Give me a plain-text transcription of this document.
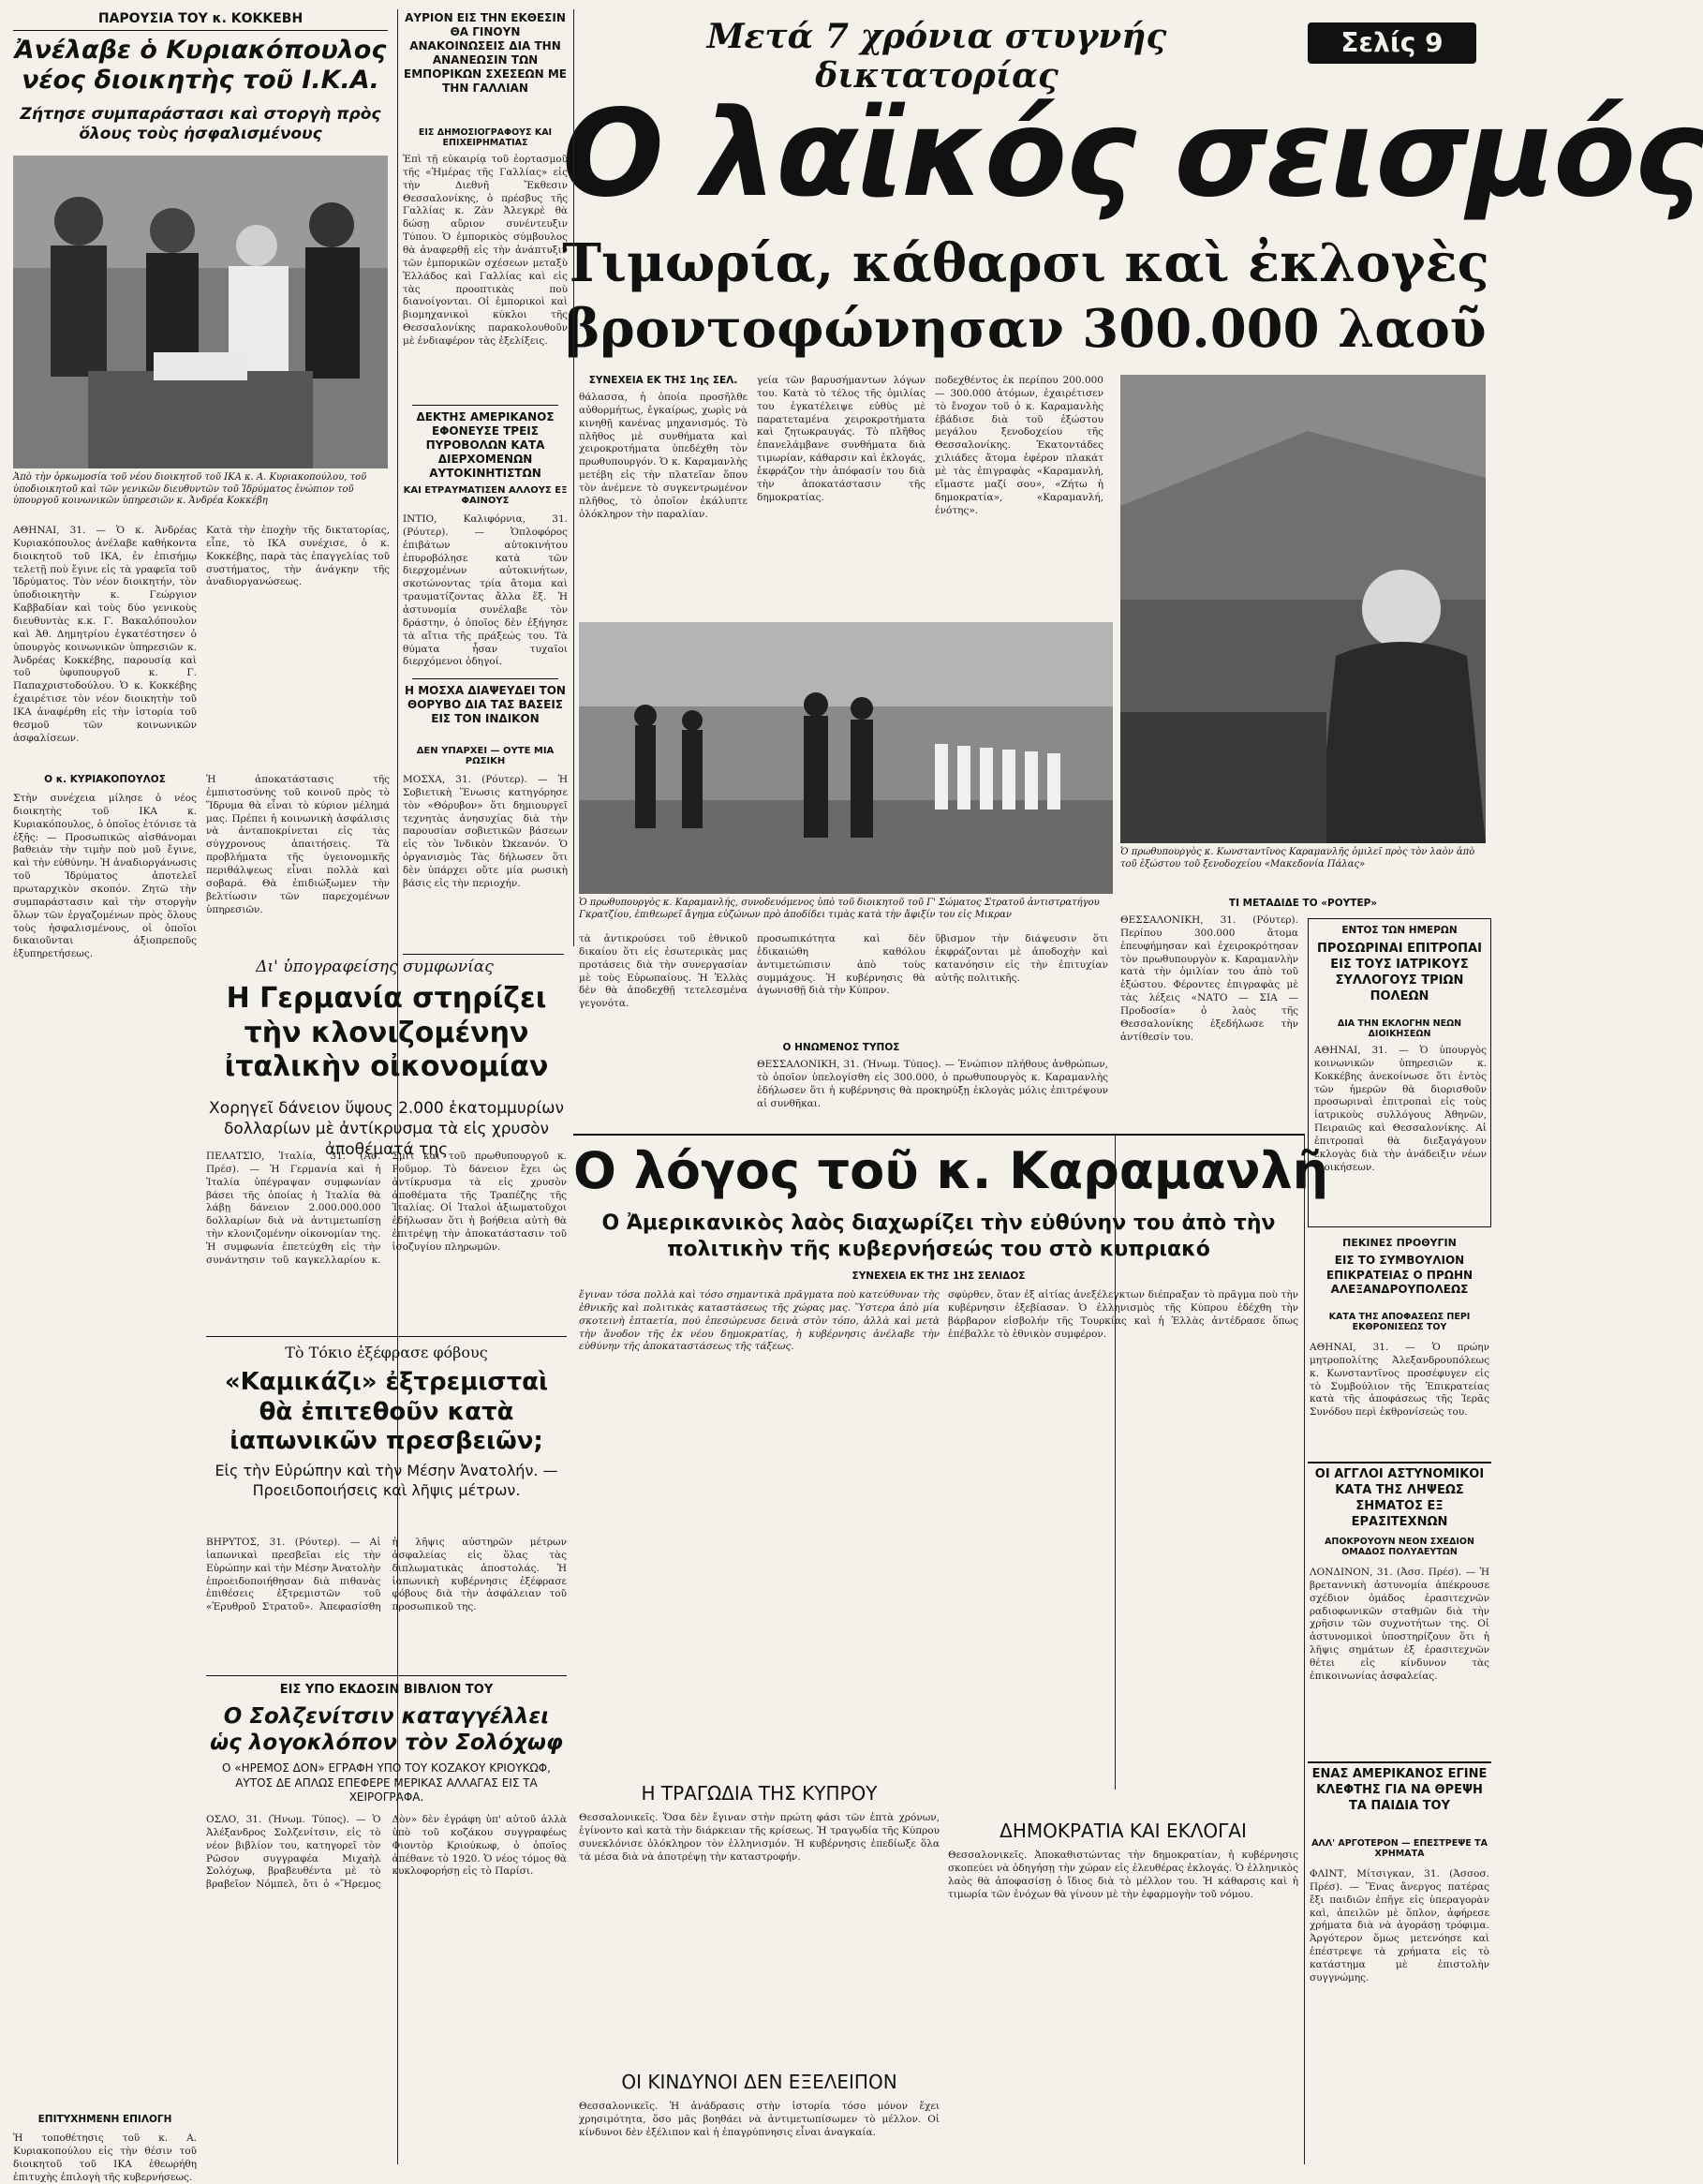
Μετά 7 χρόνια στυγνής δικτατορίας
Σελίς 9
Ο λαϊκός σεισμός
Τιμωρία, κάθαρσι καὶ ἐκλογὲς
βροντοφώνησαν 300.000 λαοῦ
ΠΑΡΟΥΣΙΑ ΤΟΥ κ. ΚΟΚΚΕΒΗ
Ἀνέλαβε ὁ Κυριακόπουλος νέος διοικητὴς τοῦ Ι.Κ.Α.
Ζήτησε συμπαράστασι καὶ στοργὴ πρὸς ὅλους τοὺς ἠσφαλισμένους
Ἀπὸ τὴν ὁρκωμοσία τοῦ νέου διοικητοῦ τοῦ ΙΚΑ κ. Α. Κυριακοπούλου, τοῦ ὑποδιοικητοῦ καὶ τῶν γενικῶν διευθυντῶν τοῦ Ἱδρύματος ἐνώπιον τοῦ ὑπουργοῦ κοινωνικῶν ὑπηρεσιῶν κ. Ἀνδρέα Κοκκέβη
ΑΘΗΝΑΙ, 31. — Ὁ κ. Ἀνδρέας Κυριακόπουλος ἀνέλαβε καθήκοντα διοικητοῦ τοῦ ΙΚΑ, ἐν ἐπισήμῳ τελετῇ ποὺ ἔγινε εἰς τὰ γραφεῖα τοῦ Ἱδρύματος. Τὸν νέον διοικητήν, τὸν ὑποδιοικητὴν κ. Γεώργιον Καββαδίαν καὶ τοὺς δύο γενικοὺς διευθυντὰς κ.κ. Γ. Βακαλόπουλον καὶ Ἀθ. Δημητρίου ἐγκατέστησεν ὁ ὑπουργὸς κοινωνικῶν ὑπηρεσιῶν κ. Ἀνδρέας Κοκκέβης, παρουσίᾳ καὶ τοῦ ὑφυπουργοῦ κ. Γ. Παπαχριστοδούλου. Ὁ κ. Κοκκέβης ἐχαιρέτισε τὸν νέον διοικητὴν τοῦ ΙΚΑ ἀναφέρθη εἰς τὴν ἱστορία τοῦ θεσμοῦ τῶν κοινωνικῶν ἀσφαλίσεων.
Κατὰ τὴν ἐποχὴν τῆς δικτατορίας, εἶπε, τὸ ΙΚΑ συνέχισε, ὁ κ. Κοκκέβης, παρὰ τὰς ἐπαγγελίας τοῦ συστήματος, τὴν ἀνάγκην τῆς ἀναδιοργανώσεως.
Ο κ. ΚΥΡΙΑΚΟΠΟΥΛΟΣ
Στὴν συνέχεια μίλησε ὁ νέος διοικητὴς τοῦ ΙΚΑ κ. Κυριακόπουλος, ὁ ὁποῖος ἐτόνισε τὰ ἑξῆς: — Προσωπικῶς αἰσθάνομαι βαθειὰν τὴν τιμὴν ποὺ μοῦ ἔγινε, καὶ τὴν εὐθύνην. Ἡ ἀναδιοργάνωσις τοῦ Ἱδρύματος ἀποτελεῖ πρωταρχικὸν σκοπόν. Ζητῶ τὴν συμπαράστασιν καὶ τὴν στοργὴν ὅλων τῶν ἐργαζομένων πρὸς ὅλους τοὺς ἠσφαλισμένους, οἱ ὁποῖοι δικαιοῦνται ἀξιοπρεποῦς ἐξυπηρετήσεως.
Ἡ ἀποκατάστασις τῆς ἐμπιστοσύνης τοῦ κοινοῦ πρὸς τὸ Ἵδρυμα θὰ εἶναι τὸ κύριον μέλημά μας. Πρέπει ἡ κοινωνικὴ ἀσφάλισις νὰ ἀνταποκρίνεται εἰς τὰς σύγχρονους ἀπαιτήσεις. Τὰ προβλήματα τῆς ὑγειονομικῆς περιθάλψεως εἶναι πολλὰ καὶ σοβαρά. Θὰ ἐπιδιώξωμεν τὴν βελτίωσιν τῶν παρεχομένων ὑπηρεσιῶν.
ΕΠΙΤΥΧΗΜΕΝΗ ΕΠΙΛΟΓΗ
Ἡ τοποθέτησις τοῦ κ. Α. Κυριακοπούλου εἰς τὴν θέσιν τοῦ διοικητοῦ τοῦ ΙΚΑ ἐθεωρήθη ἐπιτυχὴς ἐπιλογὴ τῆς κυβερνήσεως.
ΑΥΡΙΟΝ ΕΙΣ ΤΗΝ ΕΚΘΕΣΙΝ ΘΑ ΓΙΝΟΥΝ ΑΝΑΚΟΙΝΩΣΕΙΣ ΔΙΑ ΤΗΝ ΑΝΑΝΕΩΣΙΝ ΤΩΝ ΕΜΠΟΡΙΚΩΝ ΣΧΕΣΕΩΝ ΜΕ ΤΗΝ ΓΑΛΛΙΑΝ
ΕΙΣ ΔΗΜΟΣΙΟΓΡΑΦΟΥΣ ΚΑΙ ΕΠΙΧΕΙΡΗΜΑΤΙΑΣ
Ἐπὶ τῇ εὐκαιρίᾳ τοῦ ἑορτασμοῦ τῆς «Ἡμέρας τῆς Γαλλίας» εἰς τὴν Διεθνῆ Ἔκθεσιν Θεσσαλονίκης, ὁ πρέσβυς τῆς Γαλλίας κ. Ζὰν Ἀλεγκρὲ θὰ δώσῃ αὔριον συνέντευξιν Τύπου. Ὁ ἐμπορικὸς σύμβουλος θὰ ἀναφερθῇ εἰς τὴν ἀνάπτυξιν τῶν ἐμπορικῶν σχέσεων μεταξὺ Ἑλλάδος καὶ Γαλλίας καὶ εἰς τὰς προοπτικὰς ποὺ διανοίγονται. Οἱ ἐμπορικοὶ καὶ βιομηχανικοὶ κύκλοι τῆς Θεσσαλονίκης παρακολουθοῦν μὲ ἐνδιαφέρον τὰς ἐξελίξεις.
ΔΕΚΤΗΣ ΑΜΕΡΙΚΑΝΟΣ ΕΦΟΝΕΥΣΕ ΤΡΕΙΣ ΠΥΡΟΒΟΛΩΝ ΚΑΤΑ ΔΙΕΡΧΟΜΕΝΩΝ ΑΥΤΟΚΙΝΗΤΙΣΤΩΝ
ΚΑΙ ΕΤΡΑΥΜΑΤΙΣΕΝ ΑΛΛΟΥΣ ΕΞ ΦΑΙΝΟΥΣ
ΙΝΤΙΟ, Καλιφόρνια, 31. (Ρόυτερ). — Ὁπλοφόρος ἐπιβάτων αὐτοκινήτου ἐπυροβόλησε κατὰ τῶν διερχομένων αὐτοκινήτων, σκοτώνοντας τρία ἄτομα καὶ τραυματίζοντας ἄλλα ἕξ. Ἡ ἀστυνομία συνέλαβε τὸν δράστην, ὁ ὁποῖος δὲν ἐξήγησε τὰ αἴτια τῆς πράξεώς του. Τὰ θύματα ἦσαν τυχαῖοι διερχόμενοι ὁδηγοί.
Η ΜΟΣΧΑ ΔΙΑΨΕΥΔΕΙ ΤΟΝ ΘΟΡΥΒΟ ΔΙΑ ΤΑΣ ΒΑΣΕΙΣ ΕΙΣ ΤΟΝ ΙΝΔΙΚΟΝ
ΔΕΝ ΥΠΑΡΧΕΙ — ΟΥΤΕ ΜΙΑ ΡΩΣΙΚΗ
ΜΟΣΧΑ, 31. (Ρόυτερ). — Ἡ Σοβιετικὴ Ἕνωσις κατηγόρησε τὸν «Θόρυβον» ὅτι δημιουργεῖ τεχνητὰς ἀνησυχίας διὰ τὴν παρουσίαν σοβιετικῶν βάσεων εἰς τὸν Ἰνδικὸν Ὠκεανόν. Ὁ ὀργανισμὸς Τὰς δήλωσεν ὅτι δὲν ὑπάρχει οὔτε μία ρωσικὴ βάσις εἰς τὴν περιοχήν.
Δι' ὑπογραφείσης συμφωνίας
Η Γερμανία στηρίζει τὴν κλονιζομένην ἰταλικὴν οἰκονομίαν
Χορηγεῖ δάνειον ὕψους 2.000 ἑκατομμυρίων δολλαρίων μὲ ἀντίκρυσμα τὰ εἰς χρυσὸν ἀποθέματά της
ΠΕΛΑΤΣΙΟ, Ἰταλία, 31. (Ἀσ. Πρέσ). — Ἡ Γερμανία καὶ ἡ Ἰταλία ὑπέγραψαν συμφωνίαν βάσει τῆς ὁποίας ἡ Ἰταλία θὰ λάβῃ δάνειον 2.000.000.000 δολλαρίων διὰ νὰ ἀντιμετωπίσῃ τὴν κλονιζομένην οἰκονομίαν της. Ἡ συμφωνία ἐπετεύχθη εἰς τὴν συνάντησιν τοῦ καγκελλαρίου κ. Σμὶτ καὶ τοῦ πρωθυπουργοῦ κ. Ροῦμορ. Τὸ δάνειον ἔχει ὡς ἀντίκρυσμα τὰ εἰς χρυσὸν ἀποθέματα τῆς Τραπέζης τῆς Ἰταλίας. Οἱ Ἰταλοὶ ἀξιωματοῦχοι ἐδήλωσαν ὅτι ἡ βοήθεια αὐτὴ θὰ ἐπιτρέψῃ τὴν ἀποκατάστασιν τοῦ ἰσοζυγίου πληρωμῶν.
Τὸ Τόκιο ἐξέφρασε φόβους
«Καμικάζι» ἐξτρεμισταὶ θὰ ἐπιτεθοῦν κατὰ ἰαπωνικῶν πρεσβειῶν;
Εἰς τὴν Εὐρώπην καὶ τὴν Μέσην Ἀνατολήν. — Προειδοποιήσεις καὶ λῆψις μέτρων.
ΒΗΡΥΤΟΣ, 31. (Ρόυτερ). — Αἱ ἰαπωνικαὶ πρεσβεῖαι εἰς τὴν Εὐρώπην καὶ τὴν Μέσην Ἀνατολὴν ἐπροειδοποιήθησαν διὰ πιθανὰς ἐπιθέσεις ἐξτρεμιστῶν τοῦ «Ἐρυθροῦ Στρατοῦ». Ἀπεφασίσθη ἡ λῆψις αὐστηρῶν μέτρων ἀσφαλείας εἰς ὅλας τὰς διπλωματικὰς ἀποστολάς. Ἡ ἰαπωνικὴ κυβέρνησις ἐξέφρασε φόβους διὰ τὴν ἀσφάλειαν τοῦ προσωπικοῦ της.
ΕΙΣ ΥΠΟ ΕΚΔΟΣΙΝ ΒΙΒΛΙΟΝ ΤΟΥ
Ο Σολζενίτσιν καταγγέλλει ὡς λογοκλόπον τὸν Σολόχωφ
Ο «ΗΡΕΜΟΣ ΔΟΝ» ΕΓΡΑΦΗ ΥΠΟ ΤΟΥ ΚΟΖΑΚΟΥ ΚΡΙΟΥΚΩΦ, ΑΥΤΟΣ ΔΕ ΑΠΛΩΣ ΕΠΕΦΕΡΕ ΜΕΡΙΚΑΣ ΑΛΛΑΓΑΣ ΕΙΣ ΤΑ ΧΕΙΡΟΓΡΑΦΑ.
ΟΣΛΟ, 31. (Ἡνωμ. Τύπος). — Ὁ Ἀλέξανδρος Σολζενίτσιν, εἰς τὸ νέον βιβλίον του, κατηγορεῖ τὸν Ρῶσον συγγραφέα Μιχαὴλ Σολόχωφ, βραβευθέντα μὲ τὸ βραβεῖον Νόμπελ, ὅτι ὁ «Ἥρεμος Δὸν» δὲν ἐγράφη ὑπ' αὐτοῦ ἀλλὰ ὑπὸ τοῦ κοζάκου συγγραφέως Φιοντὸρ Κριούκωφ, ὁ ὁποῖος ἀπέθανε τὸ 1920. Ὁ νέος τόμος θὰ κυκλοφορήσῃ εἰς τὸ Παρίσι.
ΣΥΝΕΧΕΙΑ ΕΚ ΤΗΣ 1ης ΣΕΛ.
θάλασσα, ἡ ὁποία προσῆλθε αὐθορμήτως, ἐγκαίρως, χωρὶς νὰ κινηθῇ κανένας μηχανισμός. Τὸ πλῆθος μὲ συνθήματα καὶ χειροκροτήματα ὑπεδέχθη τὸν πρωθυπουργόν. Ὁ κ. Καραμανλὴς μετέβη εἰς τὴν πλατεῖαν ὅπου τὸν ἀνέμενε τὸ συγκεντρωμένον πλῆθος, τὸ ὁποῖον ἐκάλυπτε ὁλόκληρον τὴν παραλίαν.
γεία τῶν βαρυσήμαντων λόγων του. Κατὰ τὸ τέλος τῆς ὁμιλίας του ἐγκατέλειψε εὐθὺς μὲ παρατεταμένα χειροκροτήματα καὶ ζητωκραυγάς. Τὸ πλῆθος ἐπανελάμβανε συνθήματα διὰ τιμωρίαν, κάθαρσιν καὶ ἐκλογάς, ἐκφράζον τὴν ἀπόφασίν του διὰ τὴν ἀποκατάστασιν τῆς δημοκρατίας.
ποδεχθέντος ἐκ περίπου 200.000 — 300.000 ἀτόμων, ἐχαιρέτισεν τὸ ἔνοχον τοῦ ὁ κ. Καραμανλὴς ἐβάδισε διὰ τοῦ ἐξώστου μεγάλου ξενοδοχείου τῆς Θεσσαλονίκης. Ἐκατοντάδες χιλιάδες ἄτομα ἐφέρον πλακάτ μὲ τὰς ἐπιγραφὰς «Καραμανλή, εἴμαστε μαζί σου», «Ζήτω ἡ δημοκρατία», «Καραμανλή, ἐνότης».
Ὁ πρωθυπουργὸς κ. Καραμανλής, συνοδευόμενος ὑπὸ τοῦ διοικητοῦ τοῦ Γ' Σώματος Στρατοῦ ἀντιστρατήγου Γκρατζίου, ἐπιθεωρεῖ ἄγημα εὐζώνων πρὸ ἀποδίδει τιμὰς κατὰ τὴν ἄφιξίν του εἰς Μικραν
Ὁ πρωθυπουργὸς κ. Κωνσταντῖνος Καραμανλῆς ὁμιλεῖ πρὸς τὸν λαὸν ἀπὸ τοῦ ἐξώστου τοῦ ξενοδοχείου «Μακεδονία Πάλας»
τὰ ἀντικρούσει τοῦ ἐθνικοῦ δικαίου ὅτι εἰς ἐσωτερικὰς μας προτάσεις διὰ τὴν συνεργασίαν μὲ τοὺς Εὐρωπαίους. Ἡ Ἑλλὰς δὲν θὰ ἀποδεχθῇ τετελεσμένα γεγονότα.
προσωπικότητα καὶ δὲν ἐδικαιώθη καθόλου ἀντιμετώπισιν ἀπὸ τοὺς συμμάχους. Ἡ κυβέρνησις θὰ ἀγωνισθῇ διὰ τὴν Κύπρον.
ὕβισμον τὴν διάψευσιν ὅτι ἐκφράζονται μὲ ἀποδοχὴν καὶ κατανόησιν εἰς τὴν ἐπιτυχίαν αὐτῆς πολιτικῆς.
Ο ΗΝΩΜΕΝΟΣ ΤΥΠΟΣ
ΘΕΣΣΑΛΟΝΙΚΗ, 31. (Ἡνωμ. Τύπος). — Ἐνώπιον πλήθους ἀνθρώπων, τὸ ὁποῖον ὑπελογίσθη εἰς 300.000, ὁ πρωθυπουργὸς κ. Καραμανλὴς ἐδήλωσεν ὅτι ἡ κυβέρνησις θὰ προκηρύξῃ ἐκλογὰς μόλις ἐπιτρέψουν αἱ συνθῆκαι.
ΤΙ ΜΕΤΑΔΙΔΕ ΤΟ «ΡΟΥΤΕΡ»
ΘΕΣΣΑΛΟΝΙΚΗ, 31. (Ρόυτερ). Περίπου 300.000 ἄτομα ἐπευφήμησαν καὶ ἐχειροκρότησαν τὸν πρωθυπουργὸν κ. Καραμανλὴν κατὰ τὴν ὁμιλίαν του ἀπὸ τοῦ ἐξώστου. Φέροντες ἐπιγραφὰς μὲ τὰς λέξεις «ΝΑΤΟ — ΣΙΑ — Προδοσία» ὁ λαὸς τῆς Θεσσαλονίκης ἐξεδήλωσε τὴν ἀντίθεσίν του.
ΕΝΤΟΣ ΤΩΝ ΗΜΕΡΩΝ
ΠΡΟΣΩΡΙΝΑΙ ΕΠΙΤΡΟΠΑΙ ΕΙΣ ΤΟΥΣ ΙΑΤΡΙΚΟΥΣ ΣΥΛΛΟΓΟΥΣ ΤΡΙΩΝ ΠΟΛΕΩΝ
ΔΙΑ ΤΗΝ ΕΚΛΟΓΗΝ ΝΕΩΝ ΔΙΟΙΚΗΣΕΩΝ
ΑΘΗΝΑΙ, 31. — Ὁ ὑπουργὸς κοινωνικῶν ὑπηρεσιῶν κ. Κοκκέβης ἀνεκοίνωσε ὅτι ἐντὸς τῶν ἡμερῶν θὰ διορισθοῦν προσωριναὶ ἐπιτροπαὶ εἰς τοὺς ἰατρικοὺς συλλόγους Ἀθηνῶν, Πειραιῶς καὶ Θεσσαλονίκης. Αἱ ἐπιτροπαὶ θὰ διεξαγάγουν ἐκλογὰς διὰ τὴν ἀνάδειξιν νέων διοικήσεων.
ΠΕΚΙΝΕΣ ΠΡΟΘΥΓΙΝ
ΕΙΣ ΤΟ ΣΥΜΒΟΥΛΙΟΝ ΕΠΙΚΡΑΤΕΙΑΣ Ο ΠΡΩΗΝ ΑΛΕΞΑΝΔΡΟΥΠΟΛΕΩΣ
ΚΑΤΑ ΤΗΣ ΑΠΟΦΑΣΕΩΣ ΠΕΡΙ ΕΚΘΡΟΝΙΣΕΩΣ ΤΟΥ
ΑΘΗΝΑΙ, 31. — Ὁ πρώην μητροπολίτης Ἀλεξανδρουπόλεως κ. Κωνσταντῖνος προσέφυγεν εἰς τὸ Συμβούλιον τῆς Ἐπικρατείας κατὰ τῆς ἀποφάσεως τῆς Ἱερᾶς Συνόδου περὶ ἐκθρονίσεώς του.
ΟΙ ΑΓΓΛΟΙ ΑΣΤΥΝΟΜΙΚΟΙ ΚΑΤΑ ΤΗΣ ΛΗΨΕΩΣ ΣΗΜΑΤΟΣ ΕΞ ΕΡΑΣΙΤΕΧΝΩΝ
ΑΠΟΚΡΟΥΟΥΝ ΝΕΟΝ ΣΧΕΔΙΟΝ ΟΜΑΔΟΣ ΠΟΛΥΑΕΥΤΩΝ
ΛΟΝΔΙΝΟΝ, 31. (Ἀσσ. Πρέσ). — Ἡ βρεταννικὴ ἀστυνομία ἀπέκρουσε σχέδιον ὁμάδος ἐρασιτεχνῶν ραδιοφωνικῶν σταθμῶν διὰ τὴν χρῆσιν τῶν συχνοτήτων της. Οἱ ἀστυνομικοὶ ὑποστηρίζουν ὅτι ἡ λῆψις σημάτων ἐξ ἐρασιτεχνῶν θέτει εἰς κίνδυνον τὰς ἐπικοινωνίας ἀσφαλείας.
ΕΝΑΣ ΑΜΕΡΙΚΑΝΟΣ ΕΓΙΝΕ ΚΛΕΦΤΗΣ ΓΙΑ ΝΑ ΘΡΕΨΗ ΤΑ ΠΑΙΔΙΑ ΤΟΥ
ΑΛΛ' ΑΡΓΟΤΕΡΟΝ — ΕΠΕΣΤΡΕΨΕ ΤΑ ΧΡΗΜΑΤΑ
ΦΛΙΝΤ, Μίτσιγκαν, 31. (Ἀσσοσ. Πρέσ). — Ἕνας ἄνεργος πατέρας ἔξι παιδιῶν ἐπῆγε εἰς ὑπεραγορὰν καὶ, ἀπειλῶν μὲ ὅπλον, ἀφήρεσε χρήματα διὰ νὰ ἀγοράσῃ τρόφιμα. Ἀργότερον ὅμως μετενόησε καὶ ἐπέστρεψε τὰ χρήματα εἰς τὸ κατάστημα μὲ ἐπιστολὴν συγγνώμης.
Ο λόγος τοῦ κ. Καραμανλῆ
Ο Ἀμερικανικὸς λαὸς διαχωρίζει τὴν εὐθύνην του ἀπὸ τὴν πολιτικὴν τῆς κυβερνήσεώς του στὸ κυπριακό
ΣΥΝΕΧΕΙΑ ΕΚ ΤΗΣ 1ΗΣ ΣΕΛΙΔΟΣ
ἔγιναν τόσα πολλὰ καὶ τόσο σημαντικὰ πρᾶγματα ποὺ κατεύθυναν τὴς ἐθνικῆς καὶ πολιτικὰς καταστάσεως τῆς χώρας μας. Ὕστερα ἀπὸ μία σκοτεινὴ ἑπταετία, πού ἐπεσώρευσε δεινὰ στὸν τόπο, ἀλλὰ καὶ μετὰ τὴν ἄνοδον τῆς ἐκ νέου δημοκρατίας, ἡ κυβέρνησις ἀνέλαβε τὴν εὐθύνην τῆς ἀποκαταστάσεως τῆς τάξεως.
Η ΤΡΑΓΩΔΙΑ ΤΗΣ ΚΥΠΡΟΥ
Θεσσαλονικεῖς. Ὅσα δὲν ἔγιναν στὴν πρώτη φάσι τῶν ἐπτὰ χρόνων, ἐγίνοντο καὶ κατὰ τὴν διάρκειαν τῆς κρίσεως. Ἡ τραγῳδία τῆς Κύπρου συνεκλόνισε ὁλόκληρον τὸν ἑλληνισμόν. Ἡ κυβέρνησις ἐπεδίωξε ὅλα τὰ μέσα διὰ νὰ ἀποτρέψῃ τὴν καταστροφήν.
ΟΙ ΚΙΝΔΥΝΟΙ ΔΕΝ ΕΞΕΛΕΙΠΟΝ
Θεσσαλονικεῖς. Ἡ ἀνάδρασις στὴν ἱστορία τόσο μόνον ἔχει χρησιμότητα, ὅσο μᾶς βοηθάει νὰ ἀντιμετωπίσωμεν τὸ μέλλον. Οἱ κίνδυνοι δὲν ἐξέλιπον καὶ ἡ ἐπαγρύπνησις εἶναι ἀναγκαία.
σφύρθεν, ὅταν ἐξ αἰτίας ἀνεξέλεγκτων διέπραξαν τὸ πρᾶγμα ποὺ τὴν κυβέρνησιν ἐξεβίασαν. Ὁ ἑλληνισμὸς τῆς Κύπρου ἐδέχθη τὴν βάρβαρον εἰσβολήν τῆς Τουρκίας καὶ ἡ Ἑλλὰς ἀντέδρασε ὅπως ἐπέβαλλε τὸ ἐθνικὸν συμφέρον.
ΔΗΜΟΚΡΑΤΙΑ ΚΑΙ ΕΚΛΟΓΑΙ
Θεσσαλονικεῖς. Ἀποκαθιστώντας τὴν δημοκρατίαν, ἡ κυβέρνησις σκοπεύει νὰ ὁδηγήσῃ τὴν χώραν εἰς ἐλευθέρας ἐκλογάς. Ὁ ἑλληνικὸς λαὸς θὰ ἀποφασίσῃ ὁ ἴδιος διὰ τὸ μέλλον του. Ἡ κάθαρσις καὶ ἡ τιμωρία τῶν ἐνόχων θὰ γίνουν μὲ τὴν ἐφαρμογὴν τοῦ νόμου.
